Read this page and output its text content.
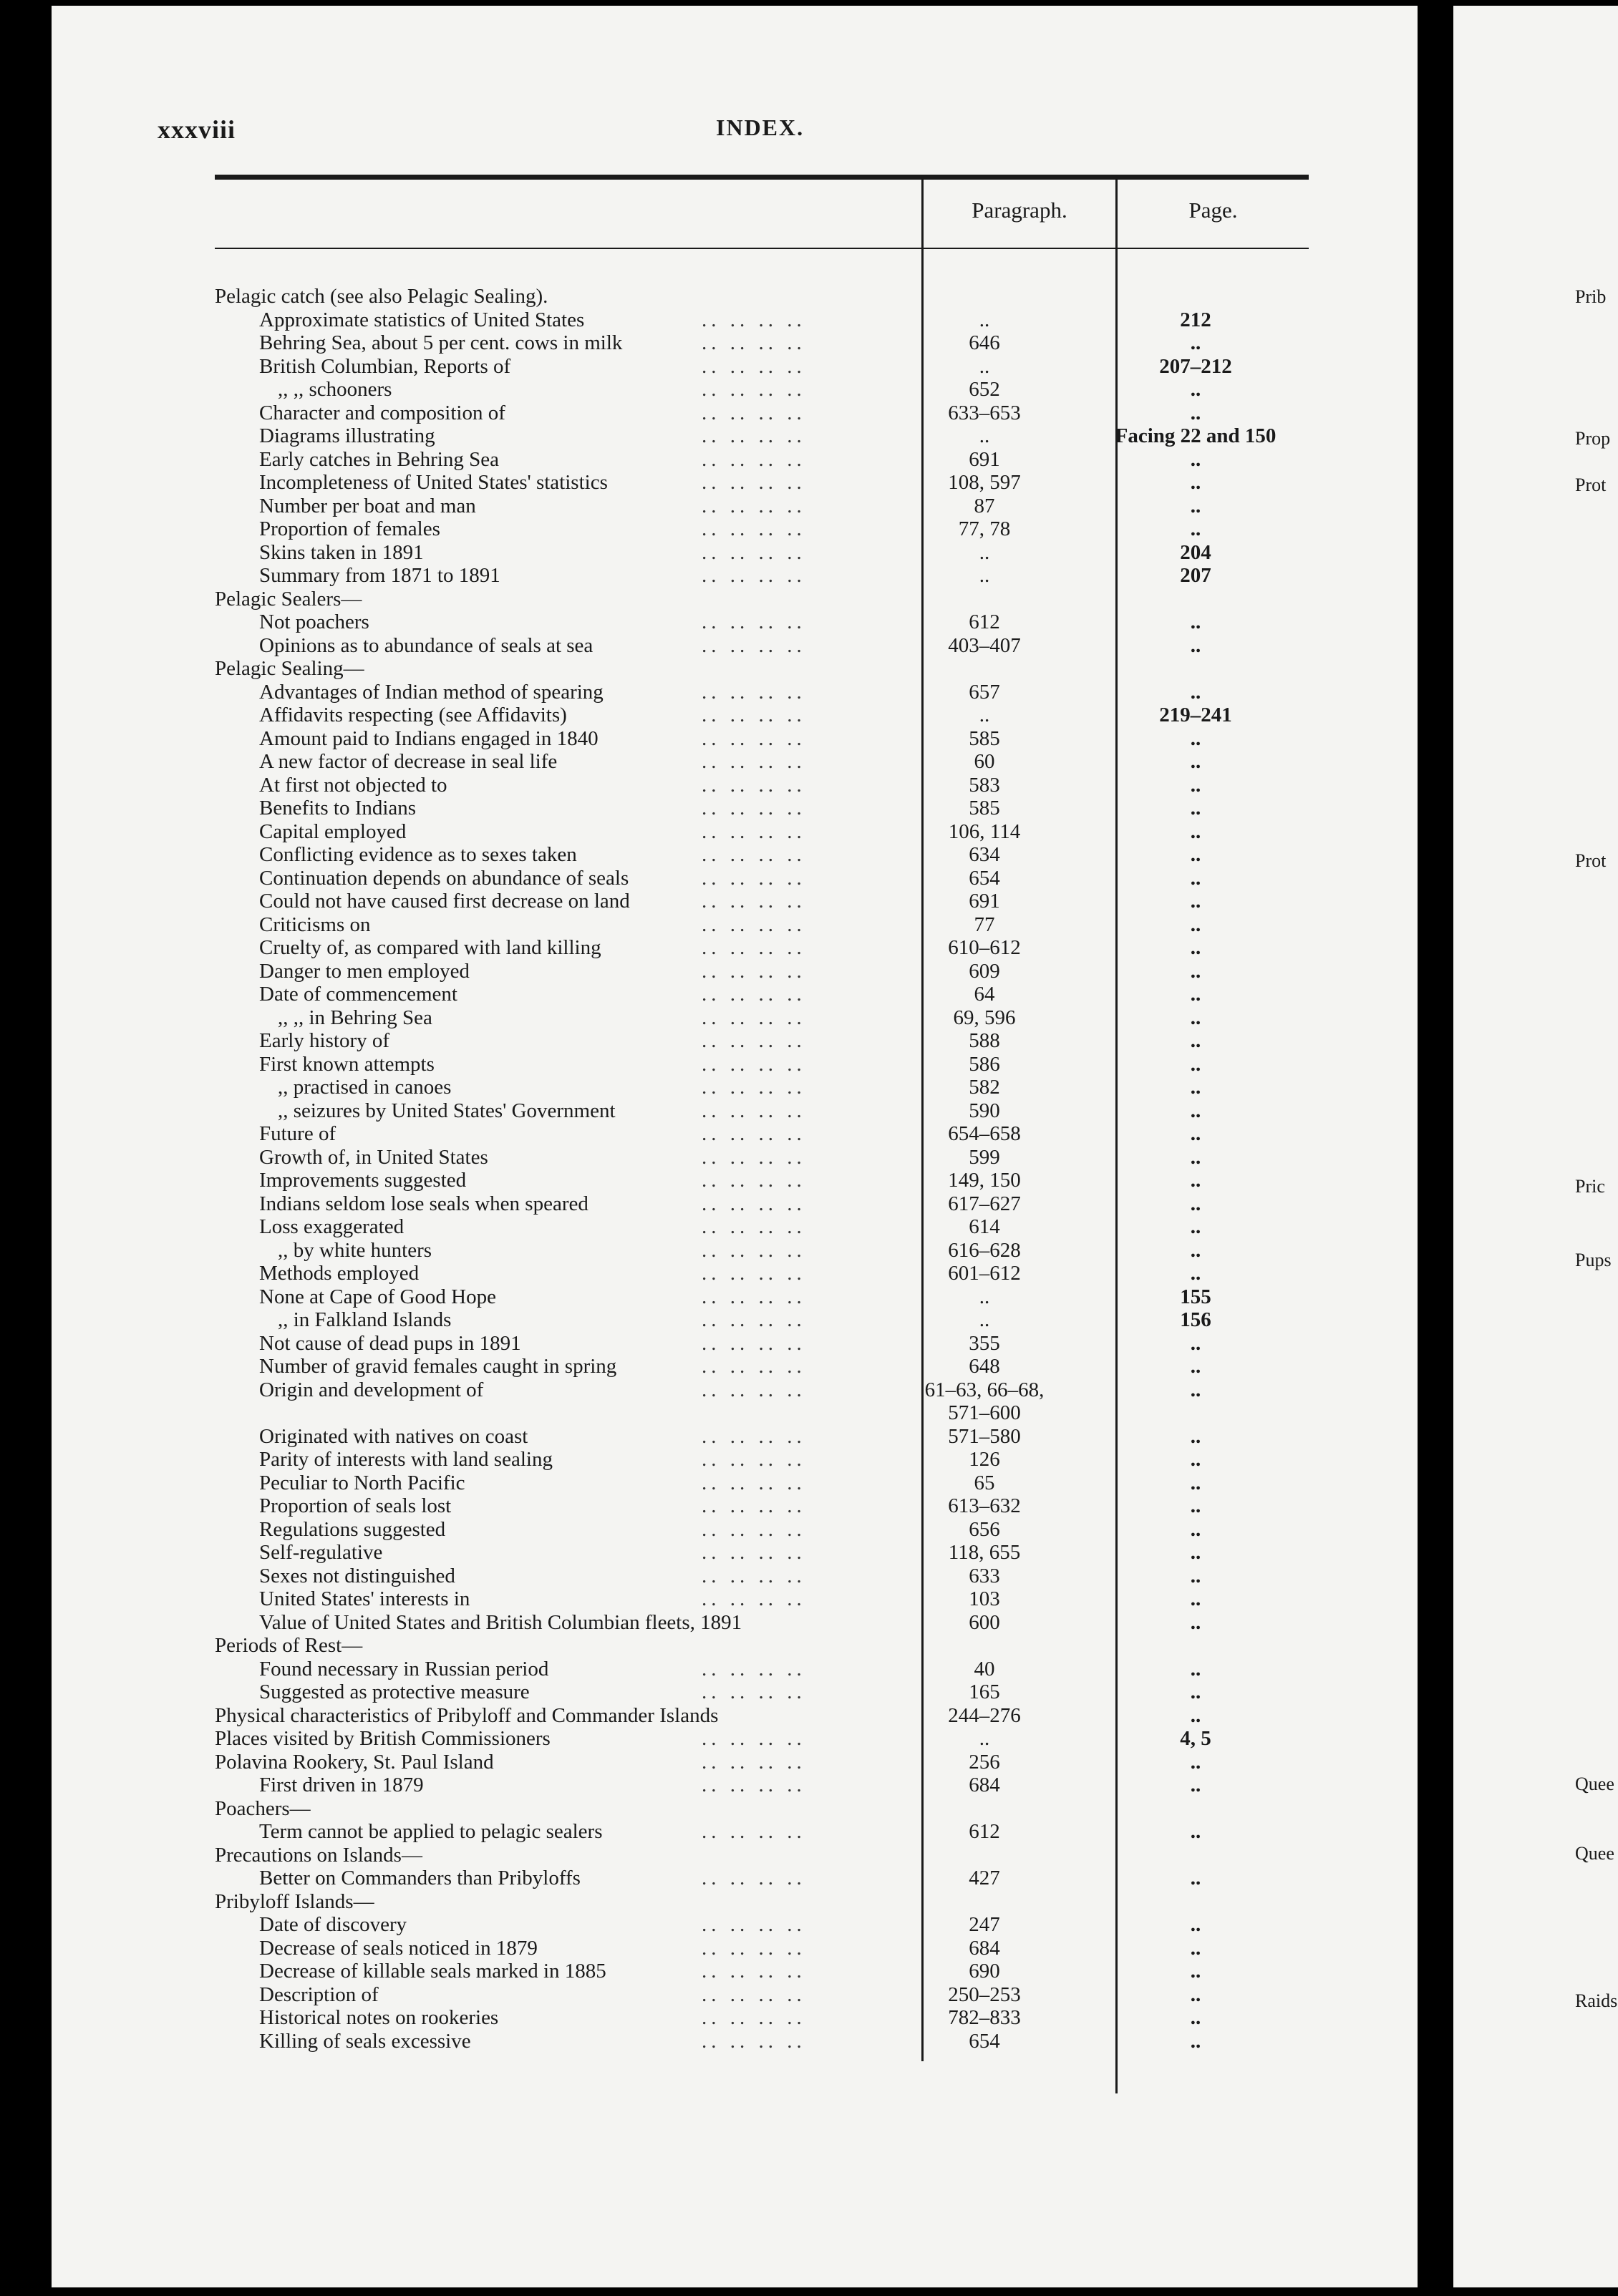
Prib
Prop
Prot
Prot
Pric
Pups
Quee
Quee
Raids
xxxviii	INDEX.
Paragraph.	Page.
Pelagic catch (see also Pelagic Sealing).
Approximate statistics of United States	.. .. .. ..	..	212
Behring Sea, about 5 per cent. cows in milk	.. .. .. ..	646	..
British Columbian, Reports of	.. .. .. ..	..	207–212
,, ,, schooners	.. .. .. ..	652	..
Character and composition of	.. .. .. ..	633–653	..
Diagrams illustrating	.. .. .. ..	..	Facing 22 and 150
Early catches in Behring Sea	.. .. .. ..	691	..
Incompleteness of United States' statistics	.. .. .. ..	108, 597	..
Number per boat and man	.. .. .. ..	87	..
Proportion of females	.. .. .. ..	77, 78	..
Skins taken in 1891	.. .. .. ..	..	204
Summary from 1871 to 1891	.. .. .. ..	..	207
Pelagic Sealers—
Not poachers	.. .. .. ..	612	..
Opinions as to abundance of seals at sea	.. .. .. ..	403–407	..
Pelagic Sealing—
Advantages of Indian method of spearing	.. .. .. ..	657	..
Affidavits respecting (see Affidavits)	.. .. .. ..	..	219–241
Amount paid to Indians engaged in 1840	.. .. .. ..	585	..
A new factor of decrease in seal life	.. .. .. ..	60	..
At first not objected to	.. .. .. ..	583	..
Benefits to Indians	.. .. .. ..	585	..
Capital employed	.. .. .. ..	106, 114	..
Conflicting evidence as to sexes taken	.. .. .. ..	634	..
Continuation depends on abundance of seals	.. .. .. ..	654	..
Could not have caused first decrease on land	.. .. .. ..	691	..
Criticisms on	.. .. .. ..	77	..
Cruelty of, as compared with land killing	.. .. .. ..	610–612	..
Danger to men employed	.. .. .. ..	609	..
Date of commencement	.. .. .. ..	64	..
,, ,, in Behring Sea	.. .. .. ..	69, 596	..
Early history of	.. .. .. ..	588	..
First known attempts	.. .. .. ..	586	..
,, practised in canoes	.. .. .. ..	582	..
,, seizures by United States' Government	.. .. .. ..	590	..
Future of	.. .. .. ..	654–658	..
Growth of, in United States	.. .. .. ..	599	..
Improvements suggested	.. .. .. ..	149, 150	..
Indians seldom lose seals when speared	.. .. .. ..	617–627	..
Loss exaggerated	.. .. .. ..	614	..
,, by white hunters	.. .. .. ..	616–628	..
Methods employed	.. .. .. ..	601–612	..
None at Cape of Good Hope	.. .. .. ..	..	155
,, in Falkland Islands	.. .. .. ..	..	156
Not cause of dead pups in 1891	.. .. .. ..	355	..
Number of gravid females caught in spring	.. .. .. ..	648	..
Origin and development of	.. .. .. ..	61–63, 66–68,	..
571–600
Originated with natives on coast	.. .. .. ..	571–580	..
Parity of interests with land sealing	.. .. .. ..	126	..
Peculiar to North Pacific	.. .. .. ..	65	..
Proportion of seals lost	.. .. .. ..	613–632	..
Regulations suggested	.. .. .. ..	656	..
Self-regulative	.. .. .. ..	118, 655	..
Sexes not distinguished	.. .. .. ..	633	..
United States' interests in	.. .. .. ..	103	..
Value of United States and British Columbian fleets, 1891	600	..
Periods of Rest—
Found necessary in Russian period	.. .. .. ..	40	..
Suggested as protective measure	.. .. .. ..	165	..
Physical characteristics of Pribyloff and Commander Islands	244–276	..
Places visited by British Commissioners	.. .. .. ..	..	4, 5
Polavina Rookery, St. Paul Island	.. .. .. ..	256	..
First driven in 1879	.. .. .. ..	684	..
Poachers—
Term cannot be applied to pelagic sealers	.. .. .. ..	612	..
Precautions on Islands—
Better on Commanders than Pribyloffs	.. .. .. ..	427	..
Pribyloff Islands—
Date of discovery	.. .. .. ..	247	..
Decrease of seals noticed in 1879	.. .. .. ..	684	..
Decrease of killable seals marked in 1885	.. .. .. ..	690	..
Description of	.. .. .. ..	250–253	..
Historical notes on rookeries	.. .. .. ..	782–833	..
Killing of seals excessive	.. .. .. ..	654	..
